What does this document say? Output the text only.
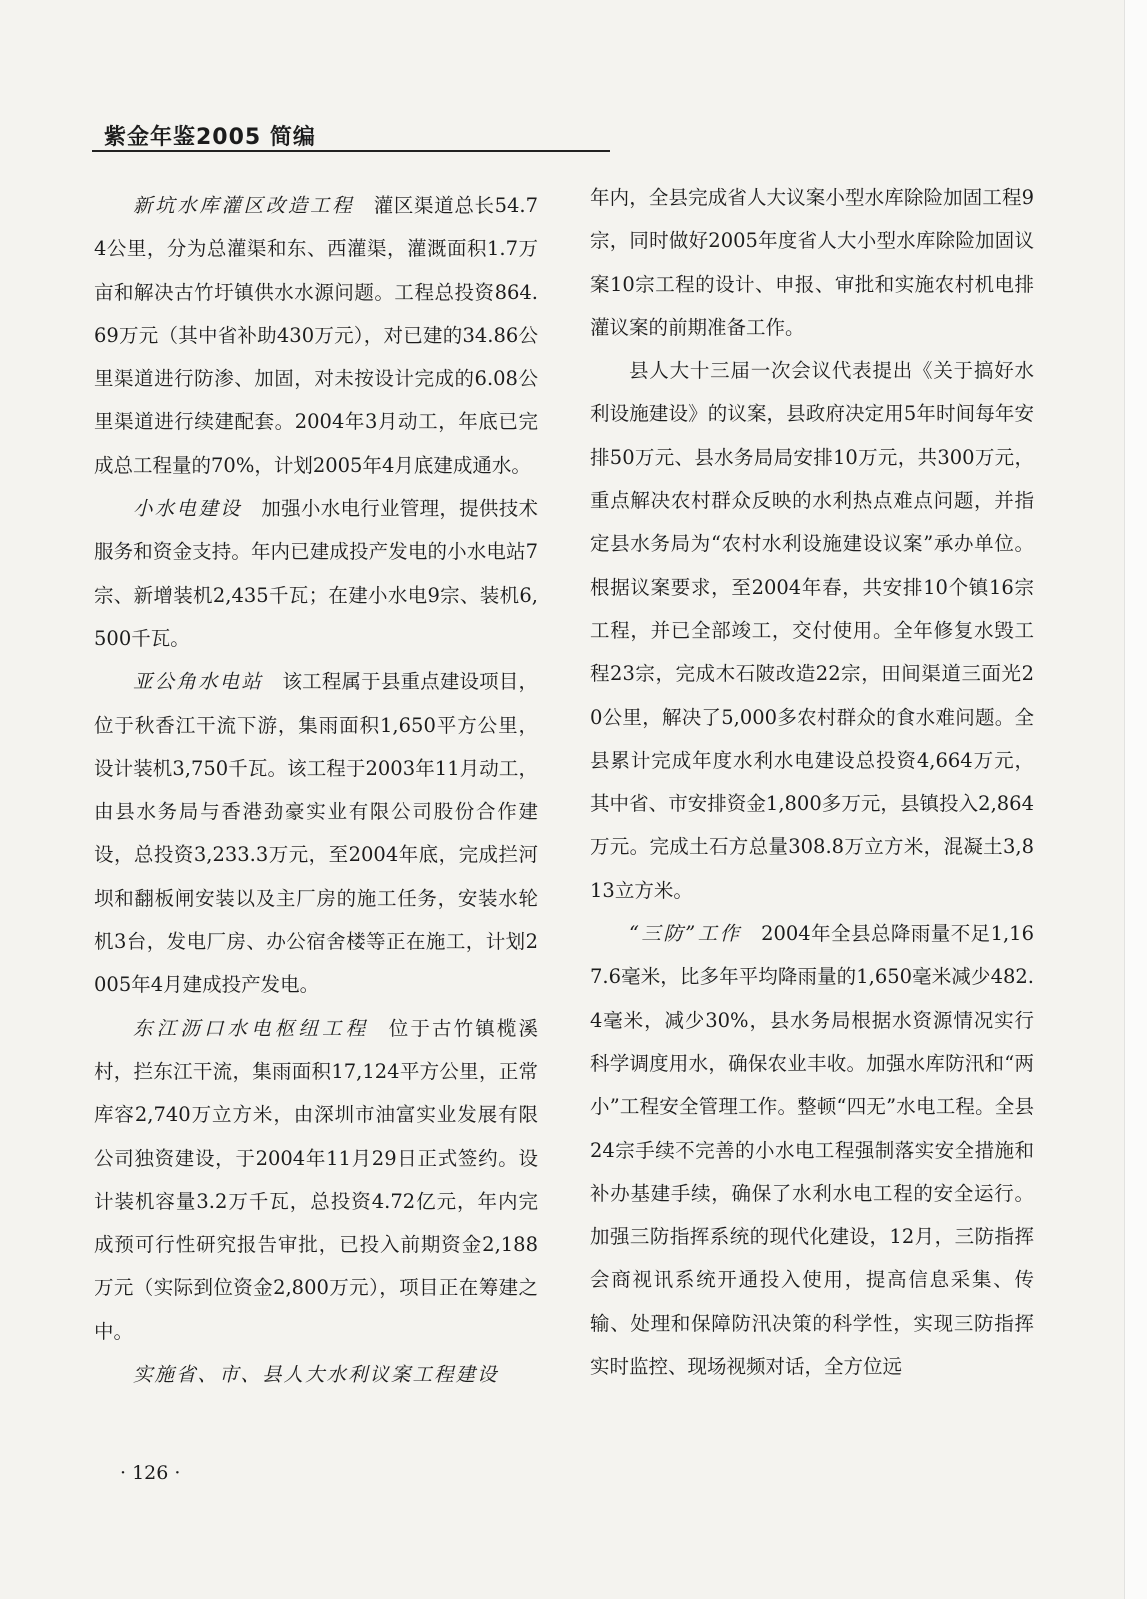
紫金年鉴2005 简编

新坑水库灌区改造工程 灌区渠道总长54.74公里，分为总灌渠和东、西灌渠，灌溉面积1.7万亩和解决古竹圩镇供水水源问题。工程总投资864.69万元（其中省补助430万元），对已建的34.86公里渠道进行防渗、加固，对未按设计完成的6.08公里渠道进行续建配套。2004年3月动工，年底已完成总工程量的70%，计划2005年4月底建成通水。

小水电建设 加强小水电行业管理，提供技术服务和资金支持。年内已建成投产发电的小水电站7宗、新增装机2,435千瓦；在建小水电9宗、装机6,500千瓦。

亚公角水电站 该工程属于县重点建设项目，位于秋香江干流下游，集雨面积1,650平方公里，设计装机3,750千瓦。该工程于2003年11月动工，由县水务局与香港劲豪实业有限公司股份合作建设，总投资3,233.3万元，至2004年底，完成拦河坝和翻板闸安装以及主厂房的施工任务，安装水轮机3台，发电厂房、办公宿舍楼等正在施工，计划2005年4月建成投产发电。

东江沥口水电枢纽工程 位于古竹镇榄溪村，拦东江干流，集雨面积17,124平方公里，正常库容2,740万立方米，由深圳市油富实业发展有限公司独资建设，于2004年11月29日正式签约。设计装机容量3.2万千瓦，总投资4.72亿元，年内完成预可行性研究报告审批，已投入前期资金2,188万元（实际到位资金2,800万元），项目正在筹建之中。

实施省、市、县人大水利议案工程建设

年内，全县完成省人大议案小型水库除险加固工程9宗，同时做好2005年度省人大小型水库除险加固议案10宗工程的设计、申报、审批和实施农村机电排灌议案的前期准备工作。

县人大十三届一次会议代表提出《关于搞好水利设施建设》的议案，县政府决定用5年时间每年安排50万元、县水务局局安排10万元，共300万元，重点解决农村群众反映的水利热点难点问题，并指定县水务局为“农村水利设施建设议案”承办单位。根据议案要求，至2004年春，共安排10个镇16宗工程，并已全部竣工，交付使用。全年修复水毁工程23宗，完成木石陂改造22宗，田间渠道三面光20公里，解决了5,000多农村群众的食水难问题。全县累计完成年度水利水电建设总投资4,664万元，其中省、市安排资金1,800多万元，县镇投入2,864万元。完成土石方总量308.8万立方米，混凝土3,813立方米。

“三防”工作 2004年全县总降雨量不足1,167.6毫米，比多年平均降雨量的1,650毫米减少482.4毫米，减少30%，县水务局根据水资源情况实行科学调度用水，确保农业丰收。加强水库防汛和“两小”工程安全管理工作。整顿“四无”水电工程。全县24宗手续不完善的小水电工程强制落实安全措施和补办基建手续，确保了水利水电工程的安全运行。加强三防指挥系统的现代化建设，12月，三防指挥会商视讯系统开通投入使用，提高信息采集、传输、处理和保障防汛决策的科学性，实现三防指挥实时监控、现场视频对话，全方位远

· 126 ·
